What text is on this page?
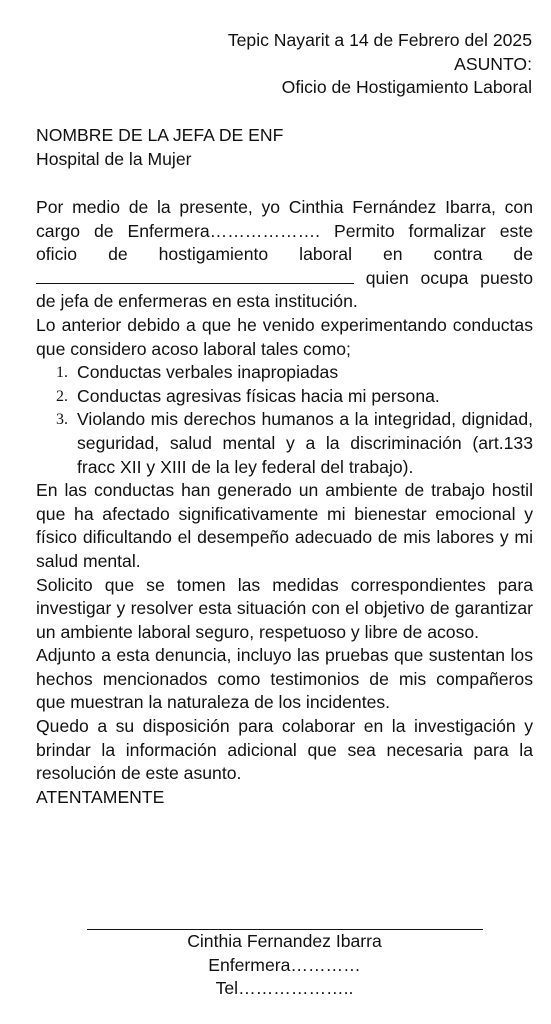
Tepic Nayarit a 14 de Febrero del 2025
ASUNTO:
Oficio de Hostigamiento Laboral
NOMBRE DE LA JEFA DE ENF
Hospital de la Mujer

Por medio de la presente, yo Cinthia Fernández Ibarra, con cargo de Enfermera………………. Permito formalizar este oficio de hostigamiento laboral en contra de  quien ocupa puesto de jefa de enfermeras en esta institución.

Lo anterior debido a que he venido experimentando conductas que considero acoso laboral tales como;

1. Conductas verbales inapropiadas
2. Conductas agresivas físicas hacia mi persona.
3. Violando mis derechos humanos a la integridad, dignidad, seguridad, salud mental y a la discriminación (art.133 fracc XII y XIII de la ley federal del trabajo).

En las conductas han generado un ambiente de trabajo hostil que ha afectado significativamente mi bienestar emocional y físico dificultando el desempeño adecuado de mis labores y mi salud mental.

Solicito que se tomen las medidas correspondientes para investigar y resolver esta situación con el objetivo de garantizar un ambiente laboral seguro, respetuoso y libre de acoso.

Adjunto a esta denuncia, incluyo las pruebas que sustentan los hechos mencionados como testimonios de mis compañeros que muestran la naturaleza de los incidentes.

Quedo a su disposición para colaborar en la investigación y brindar la información adicional que sea necesaria para la resolución de este asunto.

ATENTAMENTE

Cinthia Fernandez Ibarra
Enfermera…………
Tel………………..
